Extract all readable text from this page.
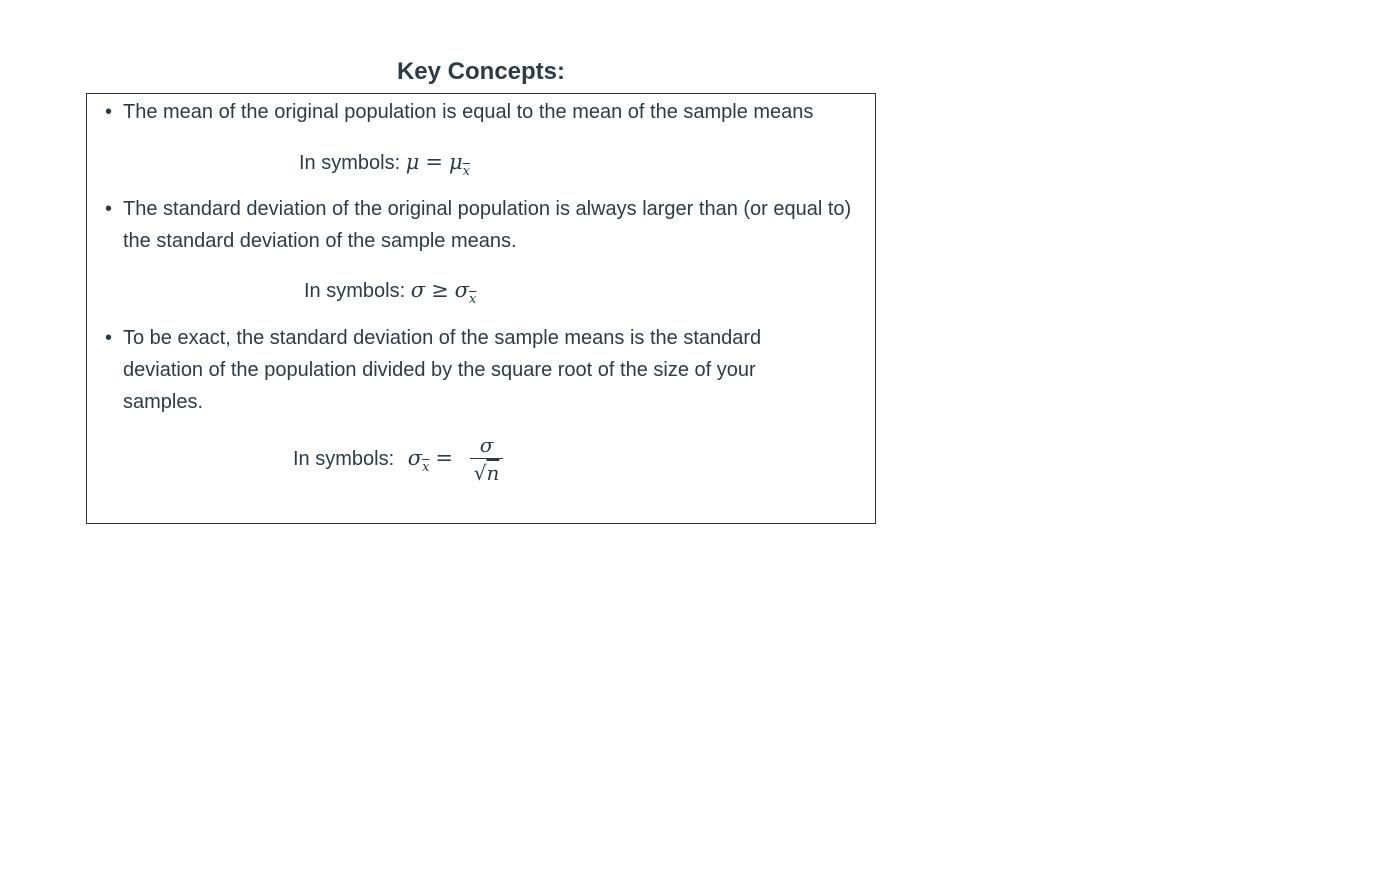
Key Concepts:
• The mean of the original population is equal to the mean of the sample means

In symbols: $\mu = \mu_{\overline{x}}$
• The standard deviation of the original population is always larger than (or equal to) the standard deviation of the sample means.

In symbols: $\sigma \ge \sigma_{\overline{x}}$
• To be exact, the standard deviation of the sample means is the standard deviation of the population divided by the square root of the size of your samples.

In symbols: $\sigma_{\overline{x}} = \frac{\sigma}{√n}$
